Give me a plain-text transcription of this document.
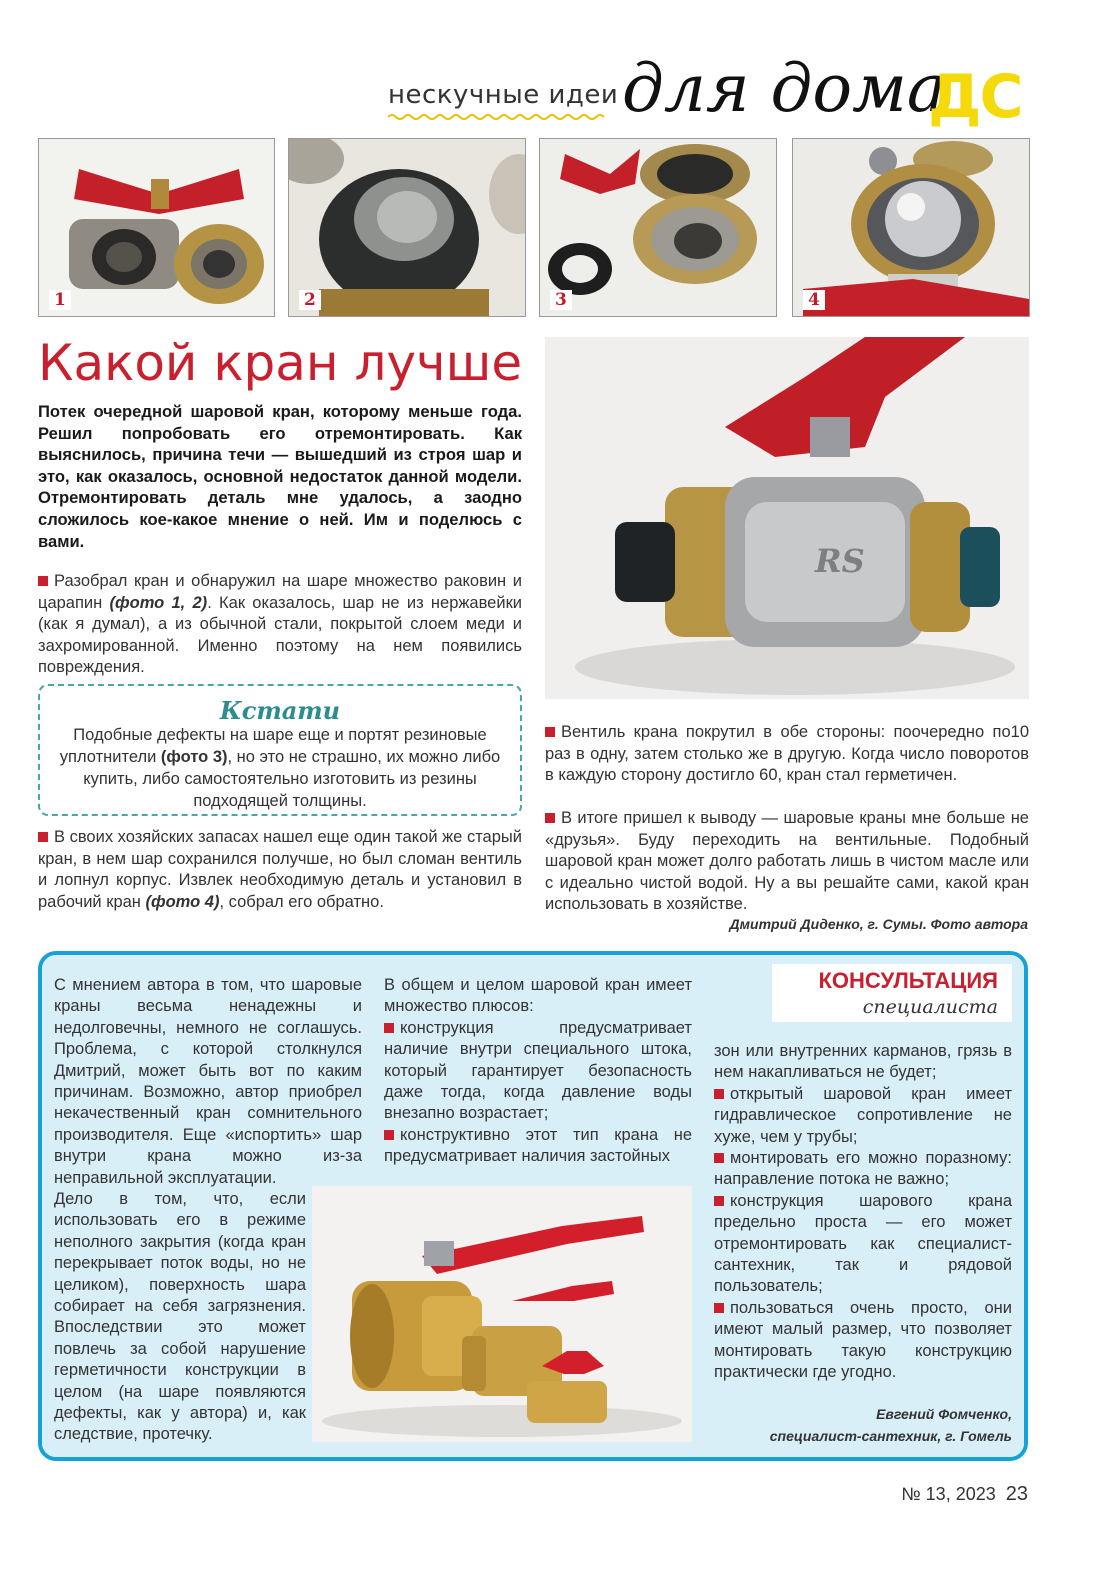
нескучные идеи для дома
ДС
1	2	3	4
Какой кран лучше
Потек очередной шаровой кран, которому меньше года. Решил попробовать его отремонтировать. Как выяснилось, причина течи — вышедший из строя шар и это, как оказалось, основной недостаток данной модели. Отремонтировать деталь мне удалось, а заодно сложилось кое-какое мнение о ней. Им и поделюсь с вами.
Разобрал кран и обнаружил на шаре множество раковин и царапин (фото 1, 2). Как оказалось, шар не из нержавейки (как я думал), а из обычной стали, покрытой слоем меди и захромированной. Именно поэтому на нем появились повреждения.
Кстати
Подобные дефекты на шаре еще и портят резиновые уплотнители (фото 3), но это не страшно, их можно либо купить, либо самостоятельно изготовить из резины подходящей толщины.
В своих хозяйских запасах нашел еще один такой же старый кран, в нем шар сохранился получше, но был сломан вентиль и лопнул корпус. Извлек необходимую деталь и установил в рабочий кран (фото 4), собрал его обратно.
RS
Вентиль крана покрутил в обе стороны: поочередно по10 раз в одну, затем столько же в другую. Когда число поворотов в каждую сторону достигло 60, кран стал герметичен.
В итоге пришел к выводу — шаровые краны мне больше не «друзья». Буду переходить на вентильные. Подобный шаровой кран может долго работать лишь в чистом масле или с идеально чистой водой. Ну а вы решайте сами, какой кран использовать в хозяйстве.
Дмитрий Диденко, г. Сумы. Фото автора
КОНСУЛЬТАЦИЯ
специалиста
С мнением автора в том, что шаровые краны весьма ненадежны и недолговечны, немного не соглашусь. Проблема, с которой столкнулся Дмитрий, может быть вот по каким причинам. Возможно, автор приобрел некачественный кран сомнительного производителя. Еще «испортить» шар внутри крана можно из-за неправильной эксплуатации.
Дело в том, что, если использовать его в режиме неполного закрытия (когда кран перекрывает поток воды, но не целиком), поверхность шара собирает на себя загрязнения. Впоследствии это может повлечь за собой нарушение герметичности конструкции в целом (на шаре появляются дефекты, как у автора) и, как следствие, протечку.
В общем и целом шаровой кран имеет множество плюсов:
конструкция предусматривает наличие внутри специального штока, который гарантирует безопасность даже тогда, когда давление воды внезапно возрастает;
конструктивно этот тип крана не предусматривает наличия застойных
зон или внутренних карманов, грязь в нем накапливаться не будет;
открытый шаровой кран имеет гидравлическое сопротивление не хуже, чем у трубы;
монтировать его можно поразному: направление потока не важно;
конструкция шарового крана предельно проста — его может отремонтировать как специалист-сантехник, так и рядовой пользователь;
пользоваться очень просто, они имеют малый размер, что позволяет монтировать такую конструкцию практически где угодно.
Евгений Фомченко,
специалист-сантехник, г. Гомель
№ 13, 2023 23
